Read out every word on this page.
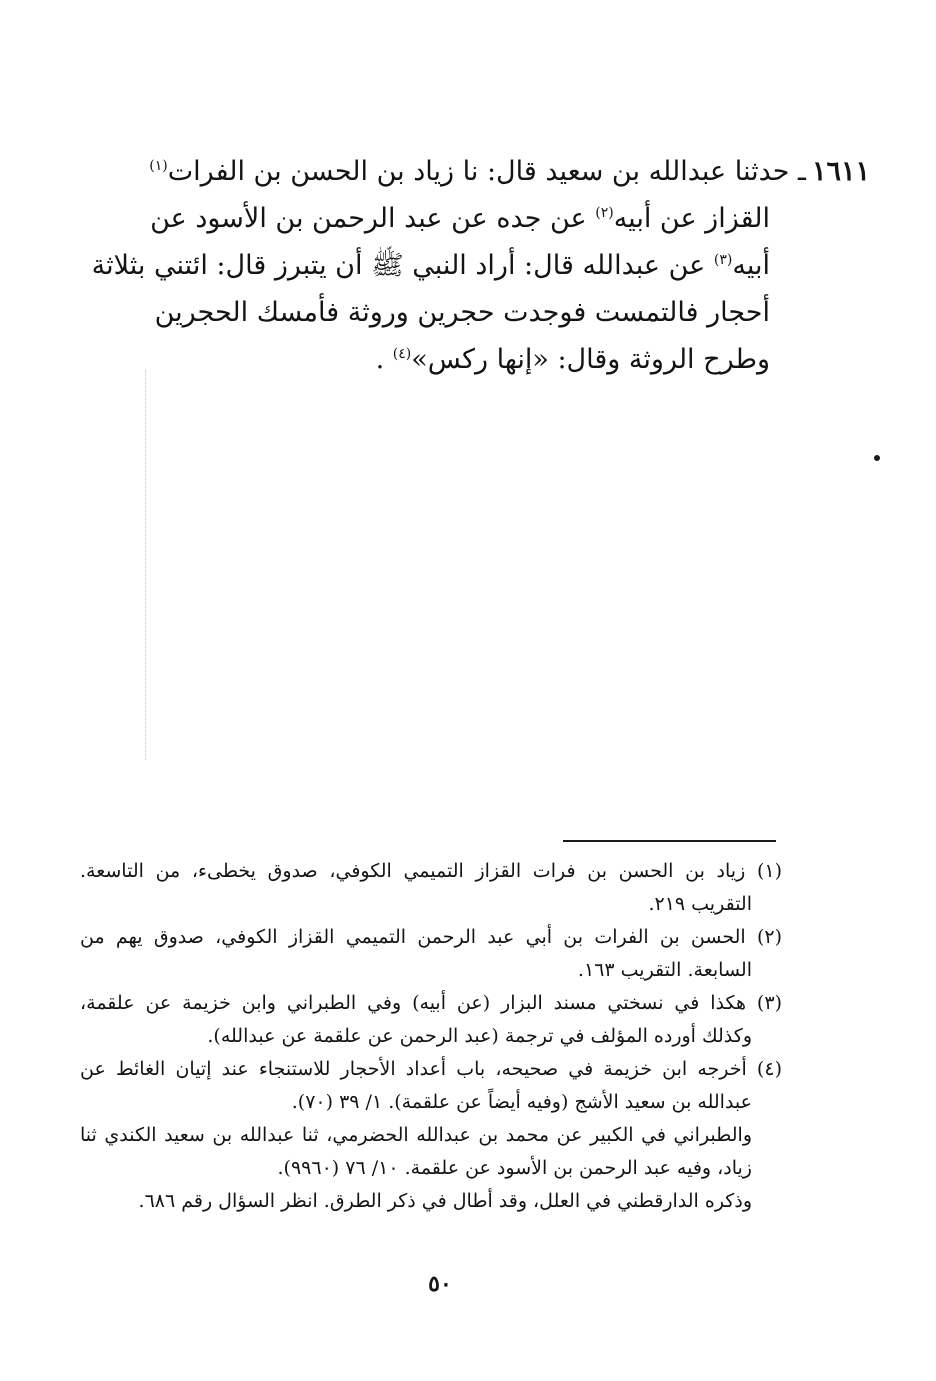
١٦١١ـ حدثنا عبدالله بن سعيد قال: نا زياد بن الحسن بن الفرات$^{(١)}$
القزاز عن أبيه$^{(٢)}$ عن جده عن عبد الرحمن بن الأسود عن
أبيه$^{(٣)}$ عن عبدالله قال: أراد النبي ﷺ أن يتبرز قال: ائتني بثلاثة
أحجار فالتمست فوجدت حجرين وروثة فأمسك الحجرين
وطرح الروثة وقال: «إنها ركس»$^{(٤)}$ .
(١) زياد بن الحسن بن فرات القزاز التميمي الكوفي، صدوق يخطىء، من التاسعة.
التقريب ٢١٩.
(٢) الحسن بن الفرات بن أبي عبد الرحمن التميمي القزاز الكوفي، صدوق يهم من
السابعة. التقريب ١٦٣.
(٣) هكذا في نسختي مسند البزار (عن أبيه) وفي الطبراني وابن خزيمة عن علقمة،
وكذلك أورده المؤلف في ترجمة (عبد الرحمن عن علقمة عن عبدالله).
(٤) أخرجه ابن خزيمة في صحيحه، باب أعداد الأحجار للاستنجاء عند إتيان الغائط عن
عبدالله بن سعيد الأشج (وفيه أيضاً عن علقمة). ١/ ٣٩ (٧٠).
والطبراني في الكبير عن محمد بن عبدالله الحضرمي، ثنا عبدالله بن سعيد الكندي ثنا
زياد، وفيه عبد الرحمن بن الأسود عن علقمة. ١٠/ ٧٦ (٩٩٦٠).
وذكره الدارقطني في العلل، وقد أطال في ذكر الطرق. انظر السؤال رقم ٦٨٦.
٥٠
